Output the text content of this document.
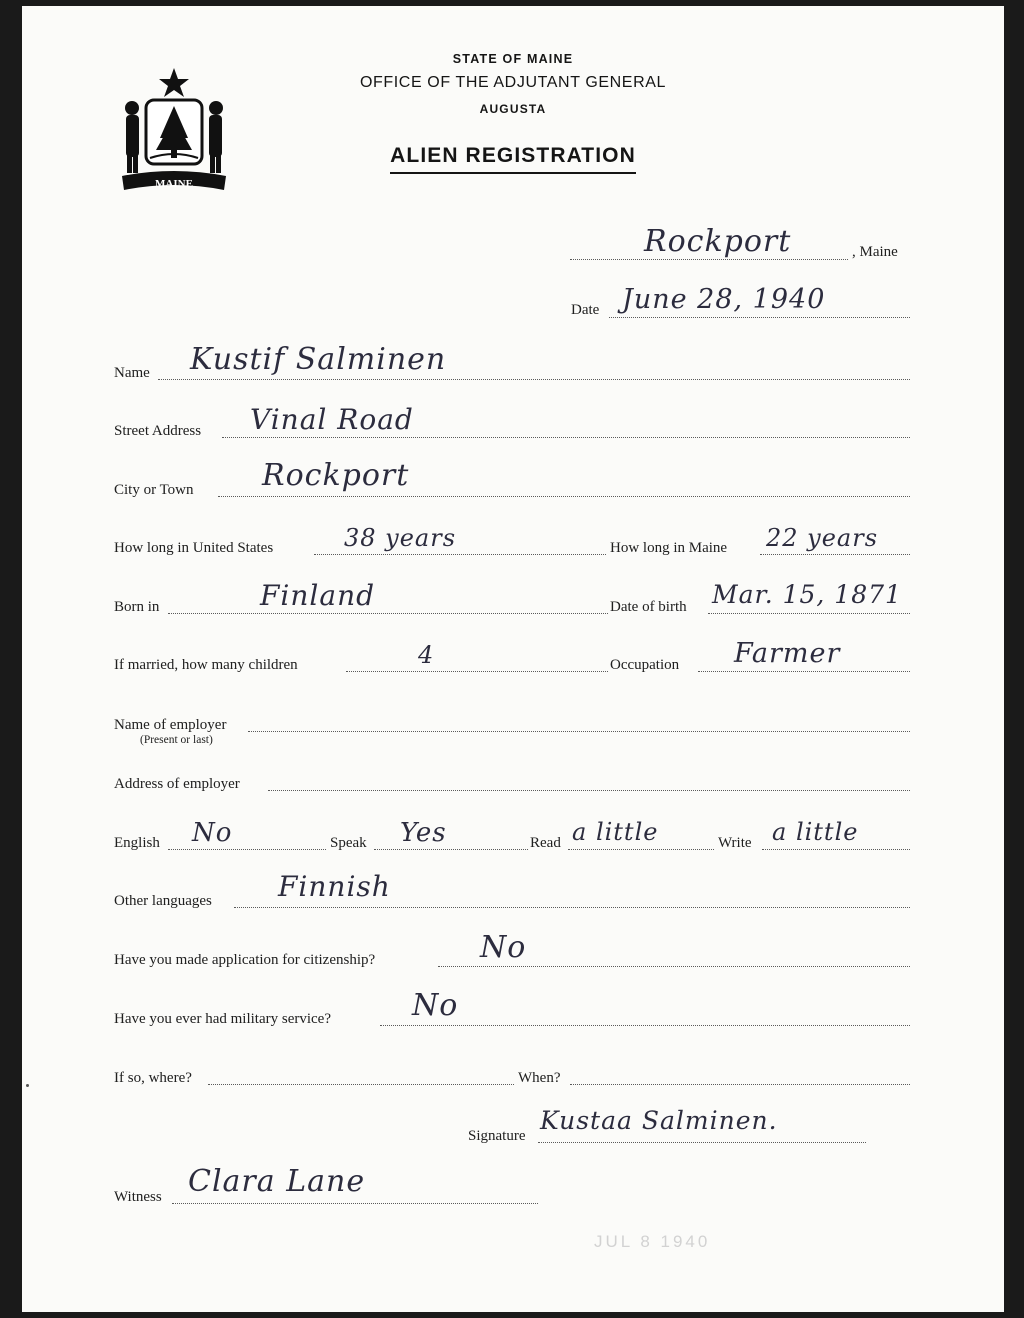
MAINE
STATE OF MAINE
OFFICE OF THE ADJUTANT GENERAL
AUGUSTA
ALIEN REGISTRATION
Rockport	, Maine
Date June 28, 1940
Name Kustif Salminen
Street Address Vinal Road
City or Town Rockport
How long in United States	38 years	How long in Maine 22 years
Born in	Finland	Date of birth Mar. 15, 1871
If married, how many children	4	Occupation Farmer
Name of employer
(Present or last)
Address of employer
English No	Speak Yes	Read a little	Write a little
Other languages Finnish
Have you made application for citizenship?	No
Have you ever had military service?	No
If so, where?	When?
Signature
Kustaa Salminen.
Witness Clara Lane
JUL 8 1940
